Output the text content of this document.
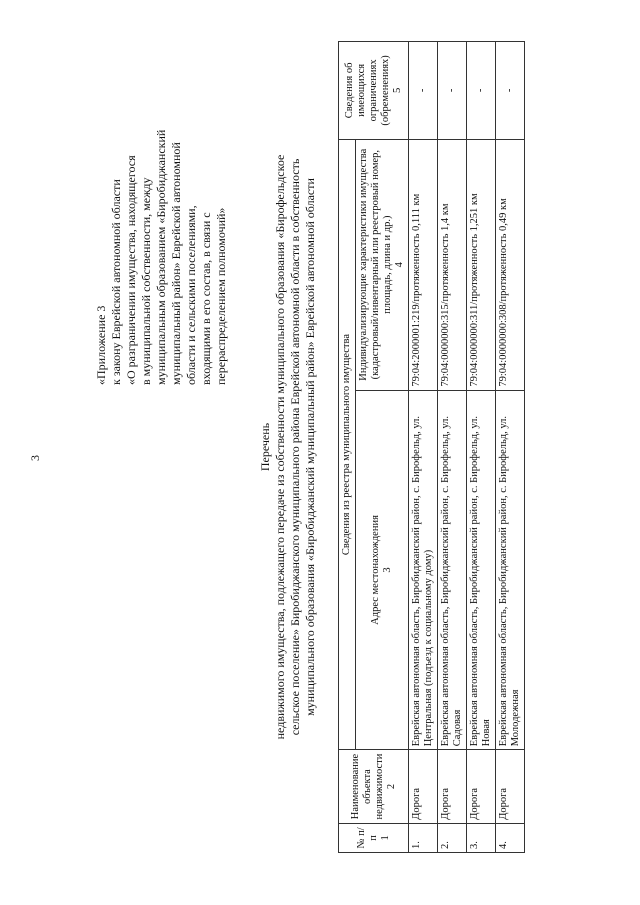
3
«Приложение 3 к закону Еврейской автономной области «О разграничении имущества, находящегося в муниципальной собственности, между муниципальным образованием «Биробиджанский муниципальный район» Еврейской автономной области и сельскими поселениями, входящими в его состав, в связи с перераспределением полномочий»
Перечень недвижимого имущества, подлежащего передаче из собственности муниципального образования «Бирофельдское сельское поселение» Биробиджанского муниципального района Еврейской автономной области в собственность муниципального образования «Биробиджанский муниципальный район» Еврейской автономной области
№ п/п 1	Наименование объекта недвижимости 2	Сведения из реестра муниципального имущества		Сведения об имеющихся ограничениях (обременениях) 5

		Адрес местонахождения 3	Индивидуализирующие характеристики имущества (кадастровый/инвентарный или реестровый номер, площадь, длина и др.) 4	

1.	Дорога	Еврейская автономная область, Биробиджанский район, с. Бирофельд, ул. Центральная (подъезд к социальному дому)	79:04:2000001:219/протяженность 0,111 км	-
2.	Дорога	Еврейская автономная область, Биробиджанский район, с. Бирофельд, ул. Садовая	79:04:0000000:315/протяженность 1,4 км	-
3.	Дорога	Еврейская автономная область, Биробиджанский район, с. Бирофельд, ул. Новая	79:04:0000000:311/протяженность 1,251 км	-
4.	Дорога	Еврейская автономная область, Биробиджанский район, с. Бирофельд, ул. Молодежная	79:04:0000000:308/протяженность 0,49 км	-
